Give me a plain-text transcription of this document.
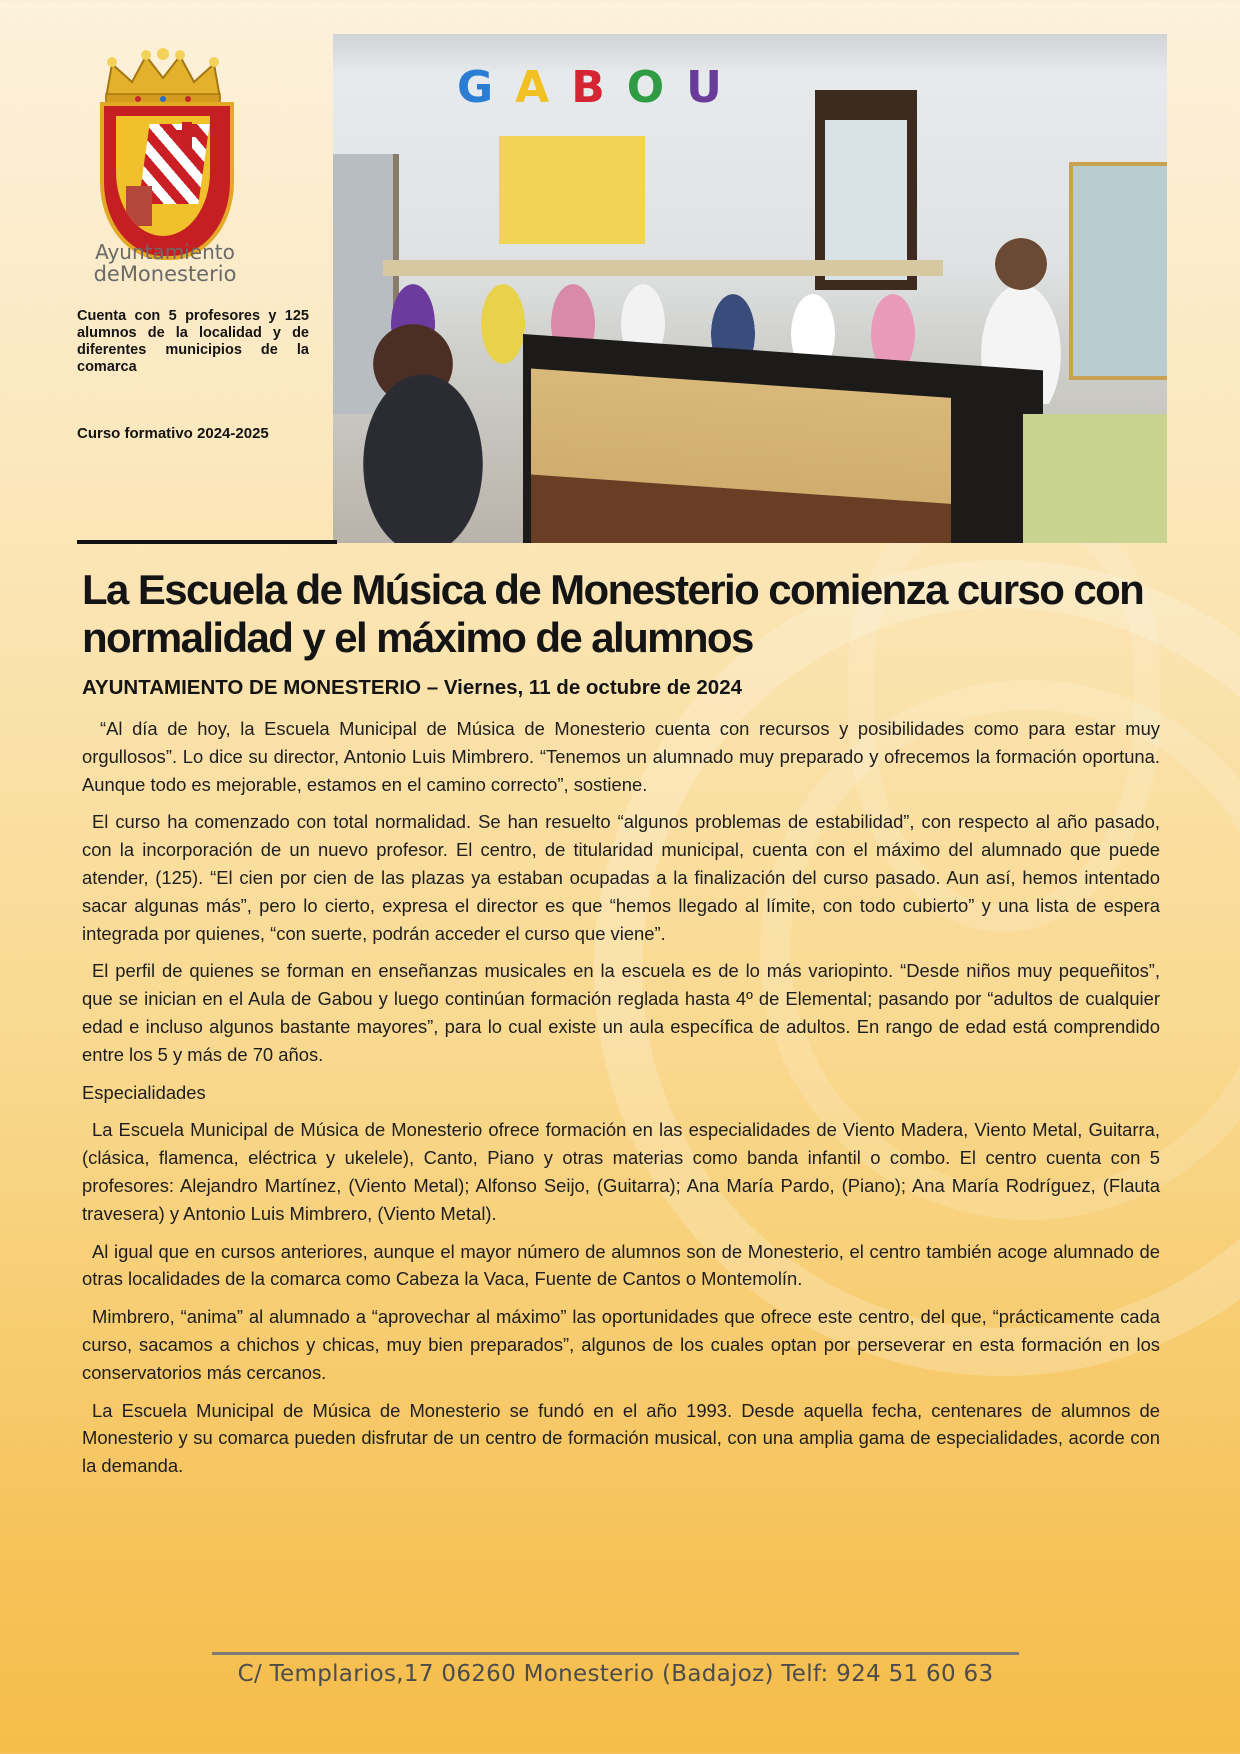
Ayuntamiento
deMonesterio
Cuenta con 5 profesores y 125 alumnos de la localidad y de diferentes municipios de la comarca
Curso formativo 2024-2025
GABOU
La Escuela de Música de Monesterio comienza curso con normalidad y el máximo de alumnos
AYUNTAMIENTO DE MONESTERIO – Viernes, 11 de octubre de 2024

“Al día de hoy, la Escuela Municipal de Música de Monesterio cuenta con recursos y posibilidades como para estar muy orgullosos”. Lo dice su director, Antonio Luis Mimbrero. “Tenemos un alumnado muy preparado y ofrecemos la formación oportuna. Aunque todo es mejorable, estamos en el camino correcto”, sostiene.

El curso ha comenzado con total normalidad. Se han resuelto “algunos problemas de estabilidad”, con respecto al año pasado, con la incorporación de un nuevo profesor. El centro, de titularidad municipal, cuenta con el máximo del alumnado que puede atender, (125). “El cien por cien de las plazas ya estaban ocupadas a la finalización del curso pasado. Aun así, hemos intentado sacar algunas más”, pero lo cierto, expresa el director es que “hemos llegado al límite, con todo cubierto” y una lista de espera integrada por quienes, “con suerte, podrán acceder el curso que viene”.

El perfil de quienes se forman en enseñanzas musicales en la escuela es de lo más variopinto. “Desde niños muy pequeñitos”, que se inician en el Aula de Gabou y luego continúan formación reglada hasta 4º de Elemental; pasando por “adultos de cualquier edad e incluso algunos bastante mayores”, para lo cual existe un aula específica de adultos. En rango de edad está comprendido entre los 5 y más de 70 años.

Especialidades

La Escuela Municipal de Música de Monesterio ofrece formación en las especialidades de Viento Madera, Viento Metal, Guitarra, (clásica, flamenca, eléctrica y ukelele), Canto, Piano y otras materias como banda infantil o combo. El centro cuenta con 5 profesores: Alejandro Martínez, (Viento Metal); Alfonso Seijo, (Guitarra); Ana María Pardo, (Piano); Ana María Rodríguez, (Flauta travesera) y Antonio Luis Mimbrero, (Viento Metal).

Al igual que en cursos anteriores, aunque el mayor número de alumnos son de Monesterio, el centro también acoge alumnado de otras localidades de la comarca como Cabeza la Vaca, Fuente de Cantos o Montemolín.

Mimbrero, “anima” al alumnado a “aprovechar al máximo” las oportunidades que ofrece este centro, del que, “prácticamente cada curso, sacamos a chichos y chicas, muy bien preparados”, algunos de los cuales optan por perseverar en esta formación en los conservatorios más cercanos.

La Escuela Municipal de Música de Monesterio se fundó en el año 1993. Desde aquella fecha, centenares de alumnos de Monesterio y su comarca pueden disfrutar de un centro de formación musical, con una amplia gama de especialidades, acorde con la demanda.

C/ Templarios,17 06260 Monesterio (Badajoz) Telf: 924 51 60 63
